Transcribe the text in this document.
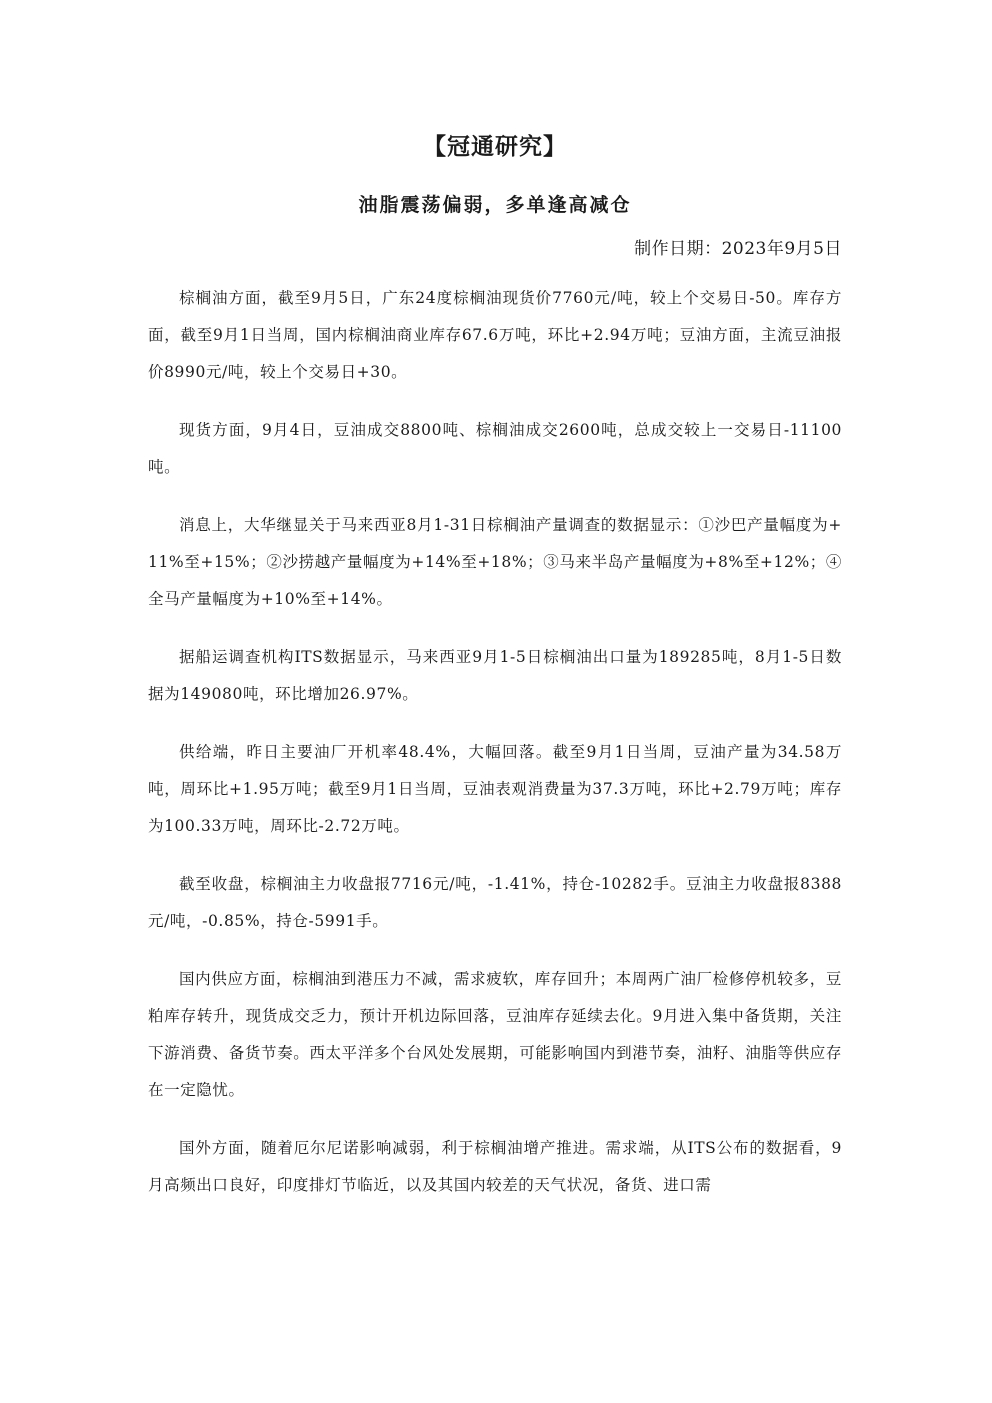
【冠通研究】
油脂震荡偏弱，多单逢高减仓
制作日期：2023年9月5日

棕榈油方面，截至9月5日，广东24度棕榈油现货价7760元/吨，较上个交易日-50。库存方面，截至9月1日当周，国内棕榈油商业库存67.6万吨，环比+2.94万吨；豆油方面，主流豆油报价8990元/吨，较上个交易日+30。

现货方面，9月4日，豆油成交8800吨、棕榈油成交2600吨，总成交较上一交易日-11100吨。

消息上，大华继显关于马来西亚8月1-31日棕榈油产量调查的数据显示：①沙巴产量幅度为+11%至+15%；②沙捞越产量幅度为+14%至+18%；③马来半岛产量幅度为+8%至+12%；④全马产量幅度为+10%至+14%。

据船运调查机构ITS数据显示，马来西亚9月1-5日棕榈油出口量为189285吨，8月1-5日数据为149080吨，环比增加26.97%。

供给端，昨日主要油厂开机率48.4%，大幅回落。截至9月1日当周，豆油产量为34.58万吨，周环比+1.95万吨；截至9月1日当周，豆油表观消费量为37.3万吨，环比+2.79万吨；库存为100.33万吨，周环比-2.72万吨。

截至收盘，棕榈油主力收盘报7716元/吨，-1.41%，持仓-10282手。豆油主力收盘报8388元/吨，-0.85%，持仓-5991手。

国内供应方面，棕榈油到港压力不减，需求疲软，库存回升；本周两广油厂检修停机较多，豆粕库存转升，现货成交乏力，预计开机边际回落，豆油库存延续去化。9月进入集中备货期，关注下游消费、备货节奏。西太平洋多个台风处发展期，可能影响国内到港节奏，油籽、油脂等供应存在一定隐忧。

国外方面，随着厄尔尼诺影响减弱，利于棕榈油增产推进。需求端，从ITS公布的数据看，9月高频出口良好，印度排灯节临近，以及其国内较差的天气状况，备货、进口需
